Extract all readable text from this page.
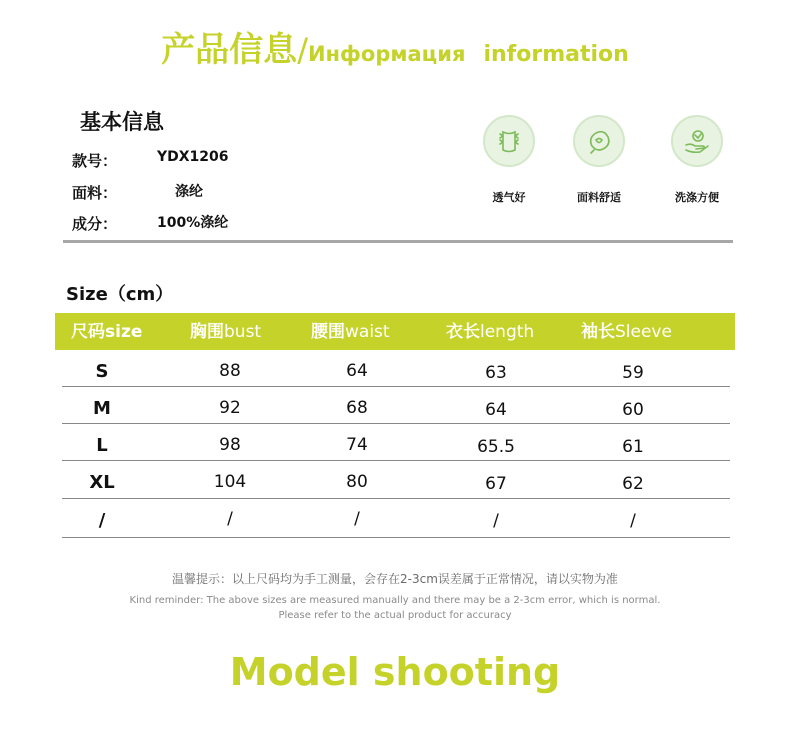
产品信息/Информация information
基本信息
款号：	YDX1206
面料：	涤纶
成分：	100%涤纶
透气好	面料舒适	洗涤方便
Size（cm）
尺码size	胸围bust	腰围waist	衣长length	袖长Sleeve
S	88	64	63	59
M	92	68	64	60
L	98	74	65.5	61
XL	104	80	67	62
/	/	/	/	/
温馨提示：以上尺码均为手工测量，会存在2-3cm误差属于正常情况，请以实物为准
Kind reminder: The above sizes are measured manually and there may be a 2-3cm error, which is normal.
Please refer to the actual product for accuracy
Model shooting
